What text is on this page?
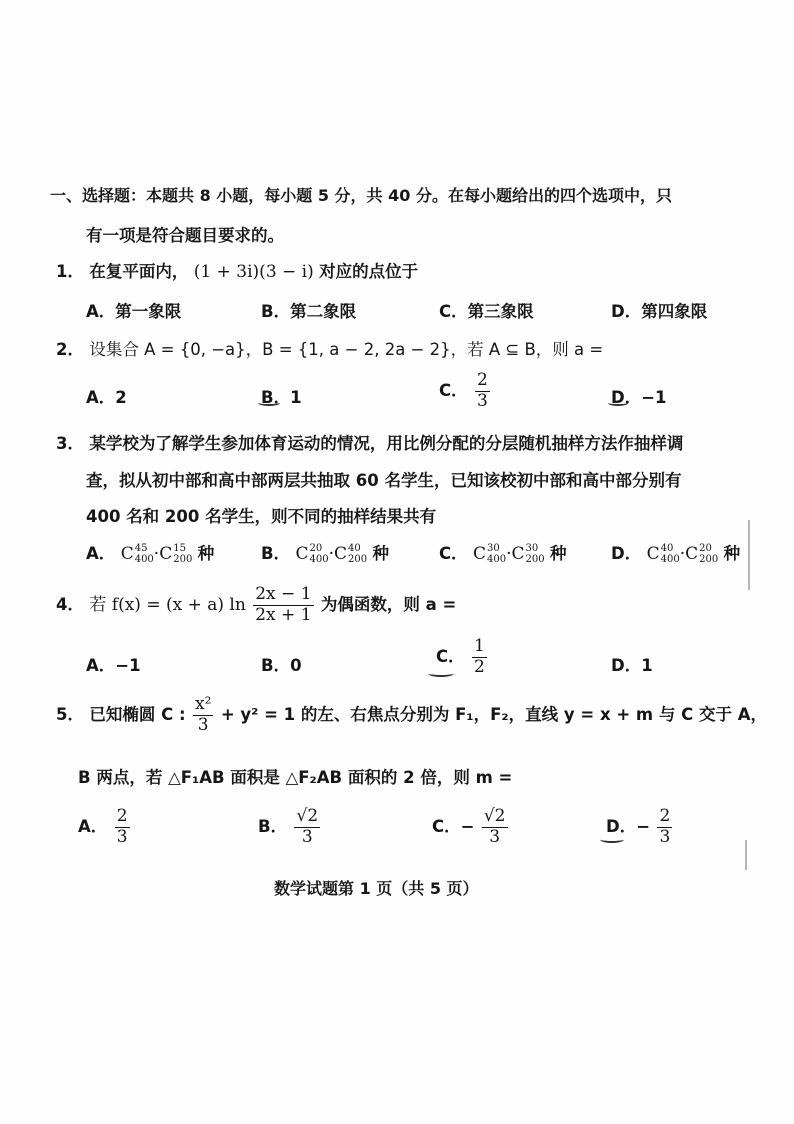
一、选择题：本题共 8 小题，每小题 5 分，共 40 分。在每小题给出的四个选项中，只
有一项是符合题目要求的。
1． 在复平面内， (1 + 3i)(3 − i) 对应的点位于
A．第一象限	B．第二象限	C．第三象限	D．第四象限
2． 设集合 A = {0, −a}，B = {1, a − 2, 2a − 2}，若 A ⊆ B，则 a =
A．2	B．1	C． $\frac{2}{3}$	D．−1
3． 某学校为了解学生参加体育运动的情况，用比例分配的分层随机抽样方法作抽样调
查，拟从初中部和高中部两层共抽取 60 名学生，已知该校初中部和高中部分别有
400 名和 200 名学生，则不同的抽样结果共有
A． C 45
400 ·C 15
200 种	B． C 20
400 ·C 40
200 种	C． C 30
400 ·C 30
200 种	D． C 40
400 ·C 20
200 种
4． 若 f(x) = (x + a) $\ln \frac{2x - 1}{2x + 1}$ 为偶函数，则 a =
A．−1	B．0	C． $\frac{1}{2}$	D．1
5． 已知椭圆 C : $\frac{\text{x²}}{3} + y^2 = 1$ 的左、右焦点分别为 F₁，F₂，直线 y = x + m 与 C 交于 A，
B 两点，若 △F₁AB 面积是 △F₂AB 面积的 2 倍，则 m =
A． $\frac{2}{3}$	B． $\frac{√2}{3}$	C．− $\frac{√2}{3}$	D．− $\frac{2}{3}$
数学试题第 1 页（共 5 页）
